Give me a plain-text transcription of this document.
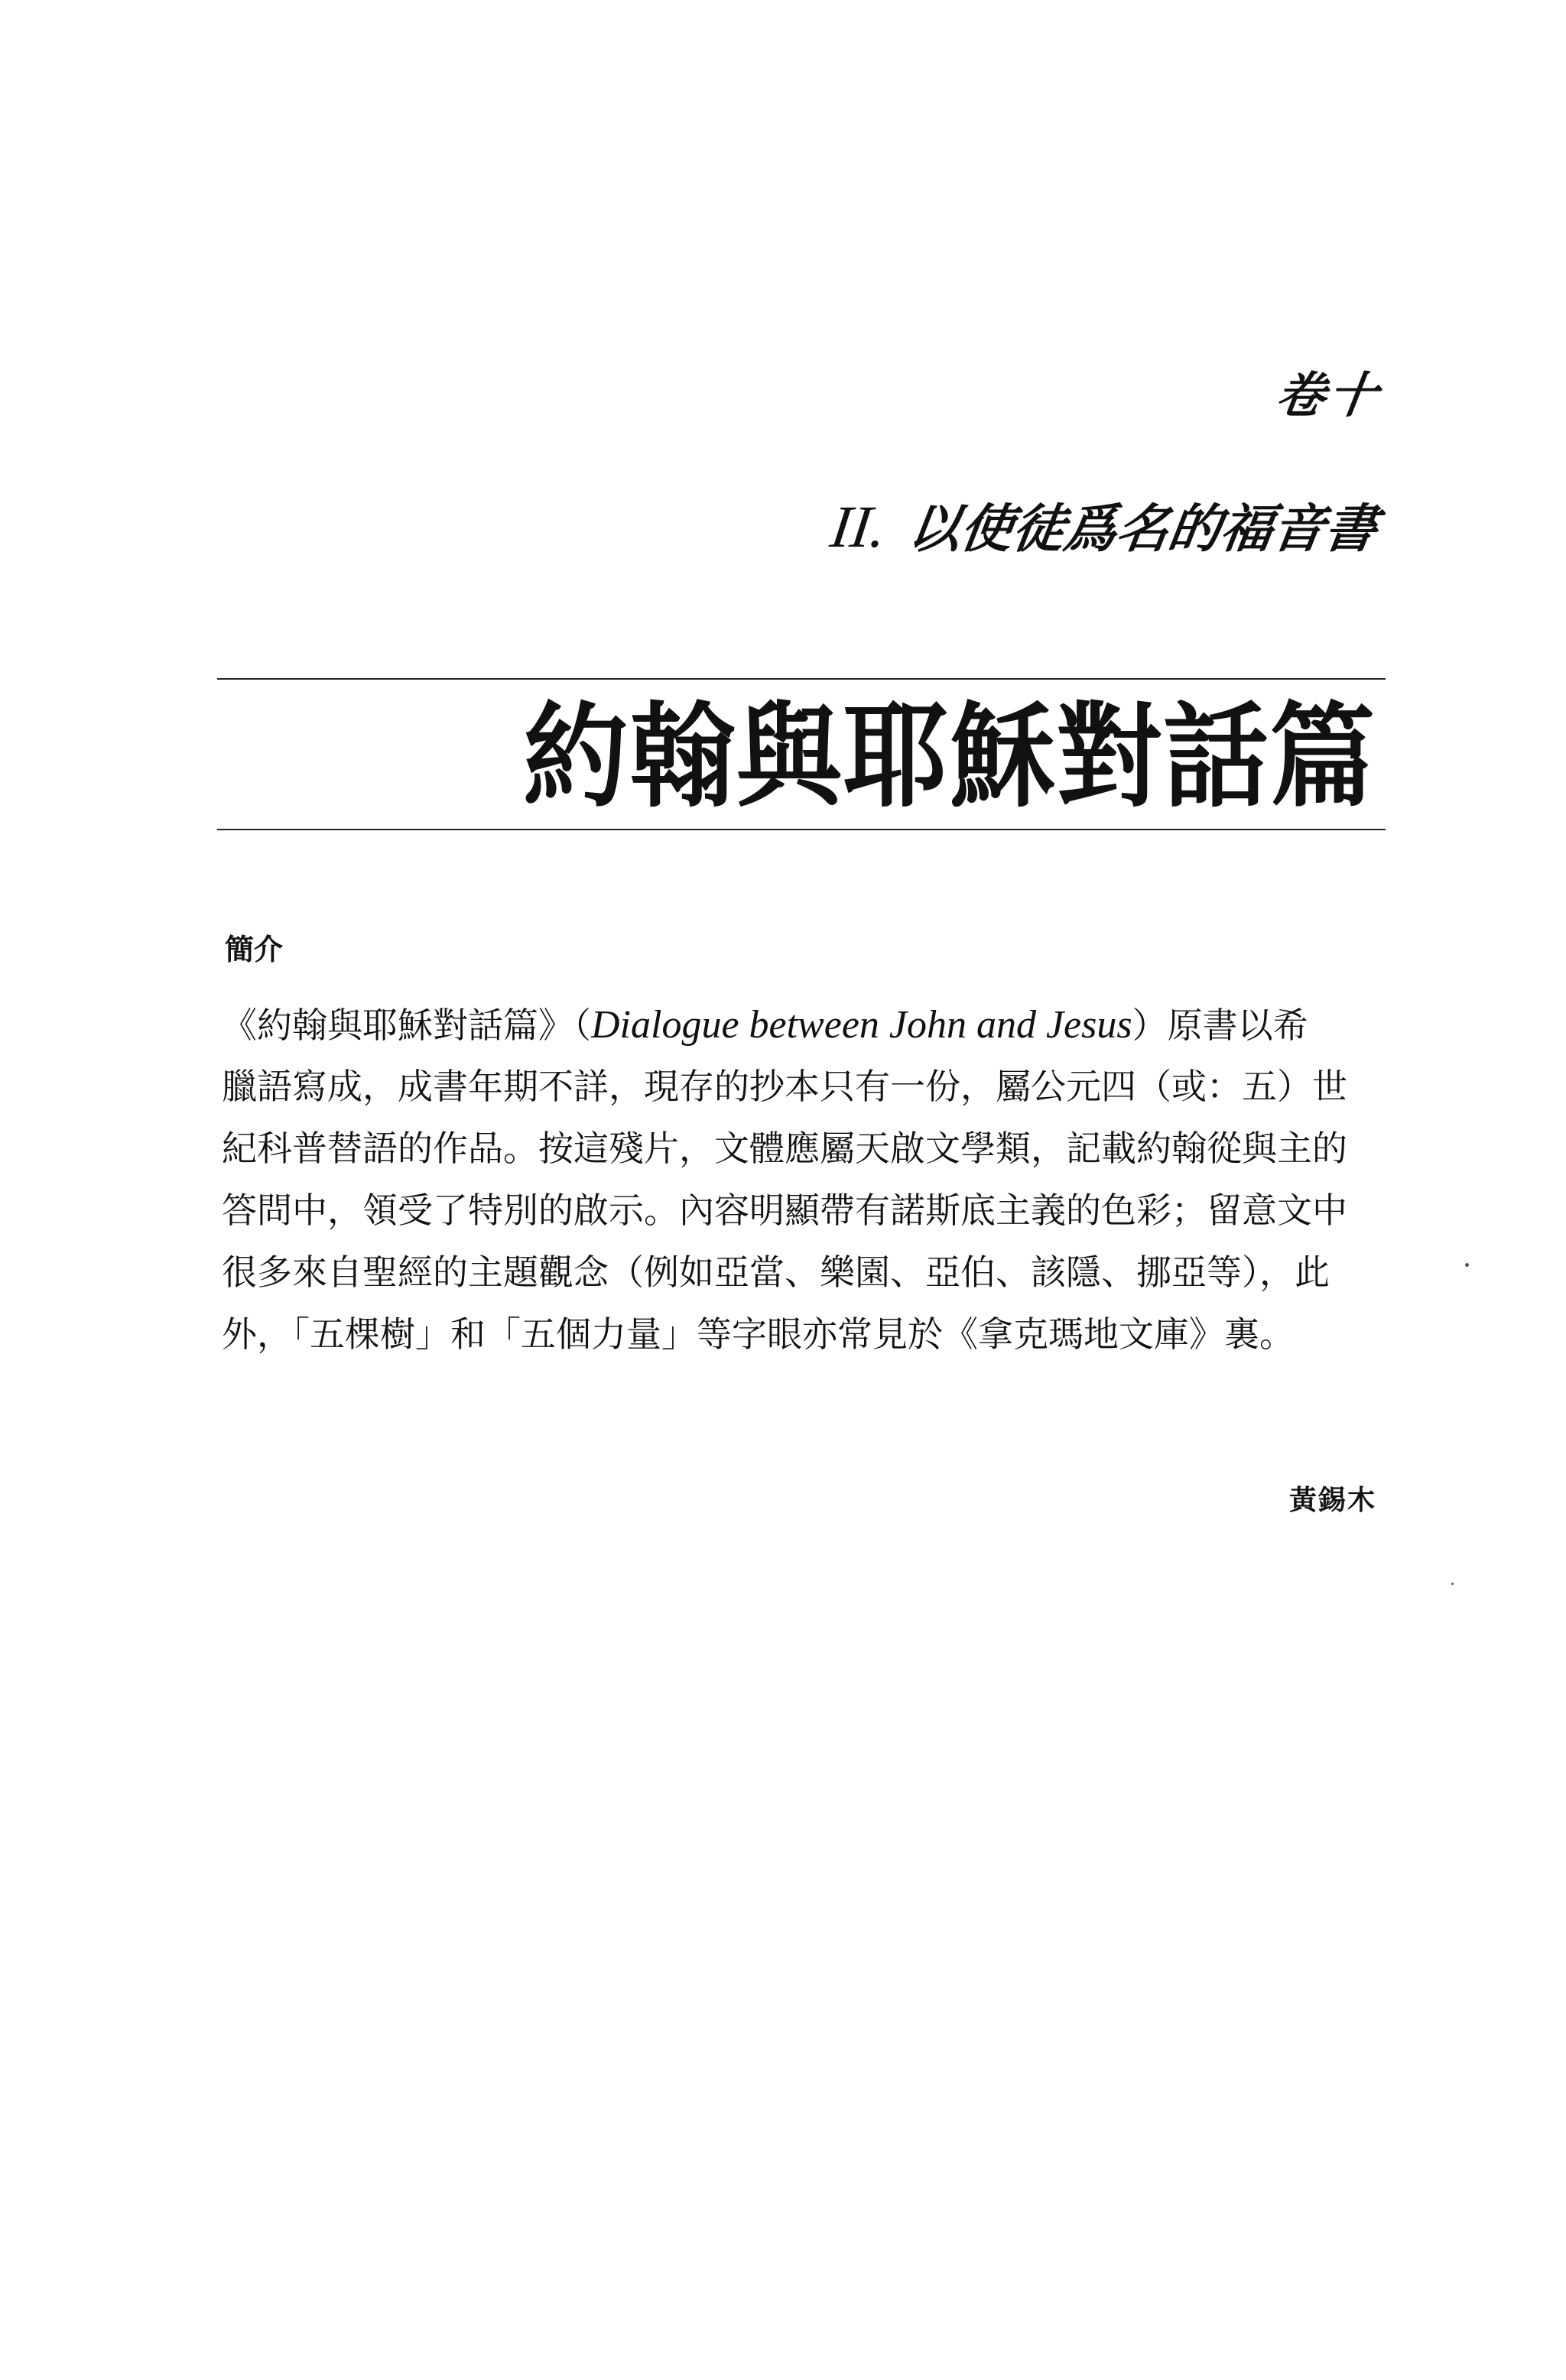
卷十
II. 以使徒爲名的福音書
約翰與耶穌對話篇
簡介
《約翰與耶穌對話篇》（Dialogue between John and Jesus）原書以希
臘語寫成，成書年期不詳，現存的抄本只有一份，屬公元四（或：五）世
紀科普替語的作品。按這殘片，文體應屬天啟文學類，記載約翰從與主的
答問中，領受了特別的啟示。內容明顯帶有諾斯底主義的色彩；留意文中
很多來自聖經的主題觀念（例如亞當、樂園、亞伯、該隱、挪亞等），此
外，「五棵樹」和「五個力量」等字眼亦常見於《拿克瑪地文庫》裏。
黃錫木
